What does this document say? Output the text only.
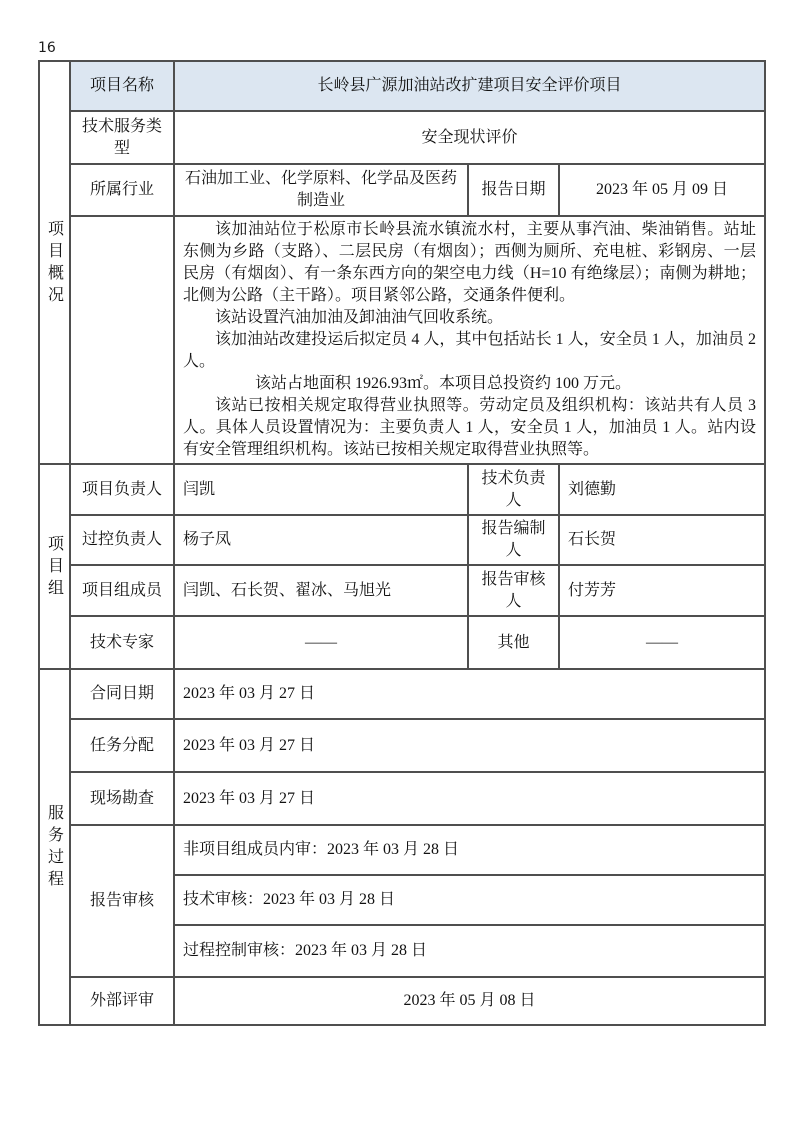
16
项目概况	项目名称	长岭县广源加油站改扩建项目安全评价项目		
	技术服务类型	安全现状评价		
	所属行业	石油加工业、化学原料、化学品及医药制造业	报告日期	2023 年 05 月 09 日

		该加油站位于松原市长岭县流水镇流水村，主要从事汽油、柴油销售。站址东侧为乡路（支路）、二层民房（有烟囱）；西侧为厕所、充电桩、彩钢房、一层民房（有烟囱）、有一条东西方向的架空电力线（H=10 有绝缘层）；南侧为耕地；北侧为公路（主干路）。项目紧邻公路，交通条件便利。

该站设置汽油加油及卸油油气回收系统。

该加油站改建投运后拟定员 4 人，其中包括站长 1 人，安全员 1 人，加油员 2 人。

该站占地面积 1926.93㎡。本项目总投资约 100 万元。

该站已按相关规定取得营业执照等。劳动定员及组织机构：该站共有人员 3 人。具体人员设置情况为：主要负责人 1 人，安全员 1 人，加油员 1 人。站内设有安全管理组织机构。该站已按相关规定取得营业执照等。		

项目组	项目负责人	闫凯	技术负责人	刘德勤
	过控负责人	杨子凤	报告编制人	石长贺
	项目组成员	闫凯、石长贺、翟冰、马旭光	报告审核人	付芳芳
	技术专家	——	其他	——
服务过程	合同日期	2023 年 03 月 27 日		
	任务分配	2023 年 03 月 27 日		
	现场勘查	2023 年 03 月 27 日		
	报告审核	非项目组成员内审：2023 年 03 月 28 日		
		技术审核：2023 年 03 月 28 日		
		过程控制审核：2023 年 03 月 28 日		
	外部评审	2023 年 05 月 08 日		
